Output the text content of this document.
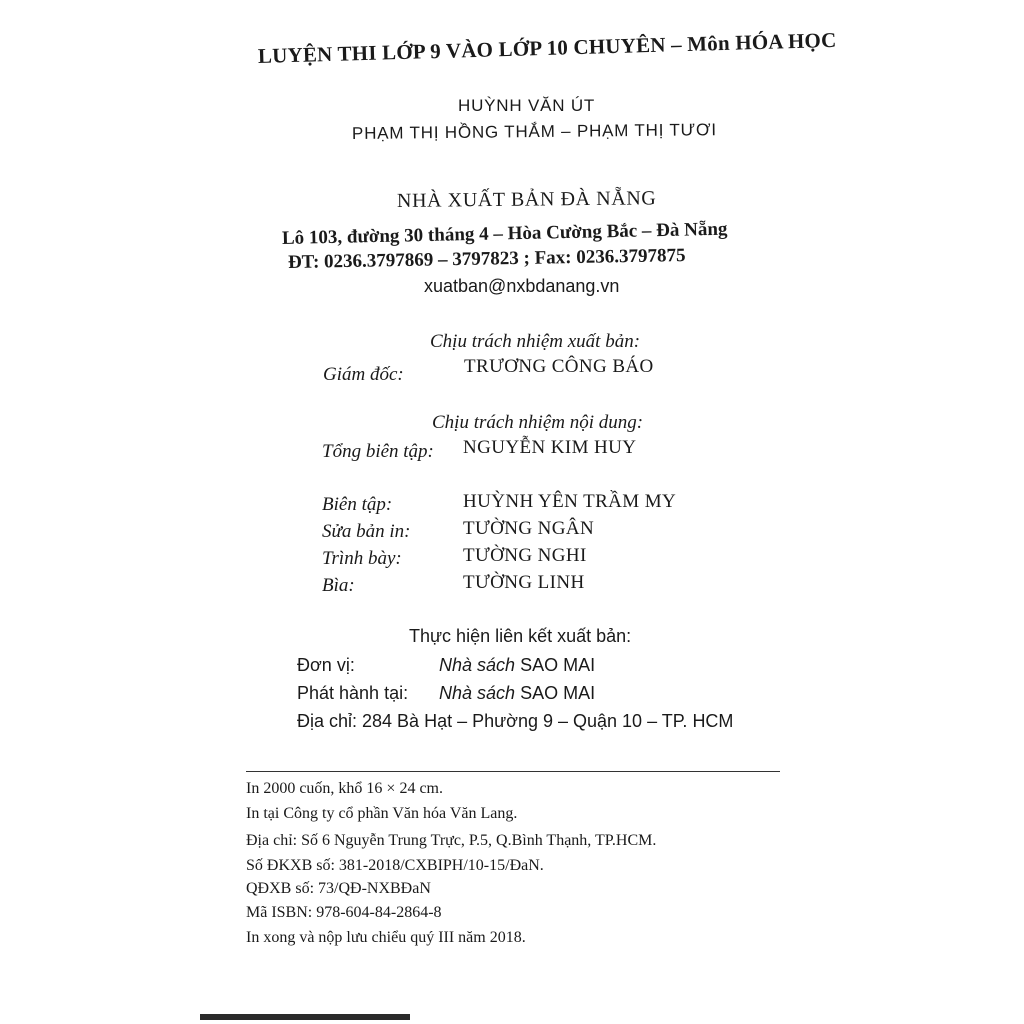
LUYỆN THI LỚP 9 VÀO LỚP 10 CHUYÊN – Môn HÓA HỌC
HUỲNH VĂN ÚT
PHẠM THỊ HỒNG THẮM – PHẠM THỊ TƯƠI
NHÀ XUẤT BẢN ĐÀ NẴNG
Lô 103, đường 30 tháng 4 – Hòa Cường Bắc – Đà Nẵng
ĐT: 0236.3797869 – 3797823 ; Fax: 0236.3797875
xuatban@nxbdanang.vn
Chịu trách nhiệm xuất bản:
Giám đốc:	TRƯƠNG CÔNG BÁO
Chịu trách nhiệm nội dung:
Tổng biên tập: NGUYỄN KIM HUY
Biên tập:	HUỲNH YÊN TRẦM MY
Sửa bản in:	TƯỜNG NGÂN
Trình bày:	TƯỜNG NGHI
Bìa:	TƯỜNG LINH
Thực hiện liên kết xuất bản:
Đơn vị:	Nhà sách SAO MAI
Phát hành tại: Nhà sách SAO MAI
Địa chỉ: 284 Bà Hạt – Phường 9 – Quận 10 – TP. HCM
In 2000 cuốn, khổ 16 × 24 cm.
In tại Công ty cổ phần Văn hóa Văn Lang.
Địa chỉ: Số 6 Nguyễn Trung Trực, P.5, Q.Bình Thạnh, TP.HCM.
Số ĐKXB số: 381-2018/CXBIPH/10-15/ĐaN.
QĐXB số: 73/QĐ-NXBĐaN
Mã ISBN: 978-604-84-2864-8
In xong và nộp lưu chiểu quý III năm 2018.
